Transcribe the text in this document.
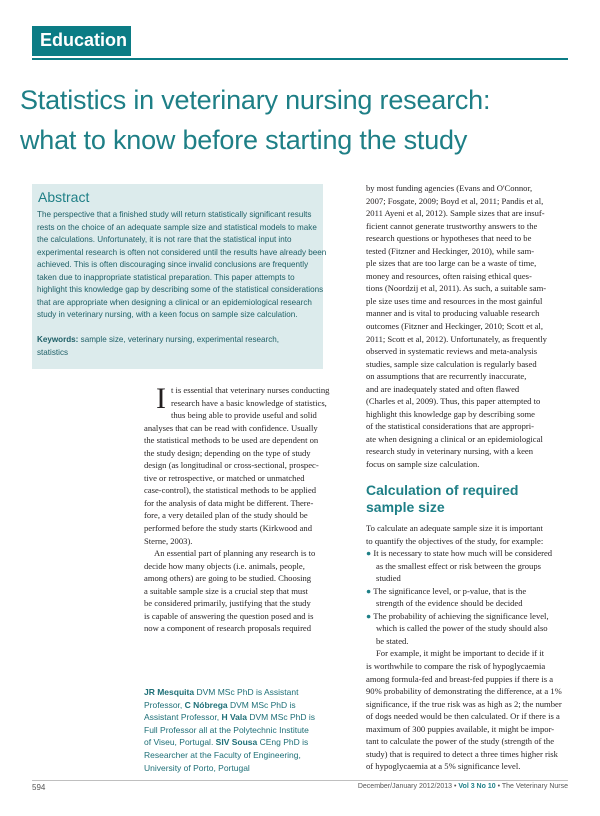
Education
Statistics in veterinary nursing research:
what to know before starting the study
Abstract
The perspective that a finished study will return statistically significant results
rests on the choice of an adequate sample size and statistical models to make
the calculations. Unfortunately, it is not rare that the statistical input into
experimental research is often not considered until the results have already been
achieved. This is often discouraging since invalid conclusions are frequently
taken due to inappropriate statistical preparation. This paper attempts to
highlight this knowledge gap by describing some of the statistical considerations
that are appropriate when designing a clinical or an epidemiological research
study in veterinary nursing, with a keen focus on sample size calculation.
Keywords: sample size, veterinary nursing, experimental research,
statistics
I t is essential that veterinary nurses conducting
research have a basic knowledge of statistics,
thus being able to provide useful and solid
analyses that can be read with confidence. Usually
the statistical methods to be used are dependent on
the study design; depending on the type of study
design (as longitudinal or cross-sectional, prospec-
tive or retrospective, or matched or unmatched
case-control), the statistical methods to be applied
for the analysis of data might be different. There-
fore, a very detailed plan of the study should be
performed before the study starts (Kirkwood and
Sterne, 2003).
An essential part of planning any research is to
decide how many objects (i.e. animals, people,
among others) are going to be studied. Choosing
a suitable sample size is a crucial step that must
be considered primarily, justifying that the study
is capable of answering the question posed and is
now a component of research proposals required
JR Mesquita DVM MSc PhD is Assistant
Professor, C Nóbrega DVM MSc PhD is
Assistant Professor, H Vala DVM MSc PhD is
Full Professor all at the Polytechnic Institute
of Viseu, Portugal. SIV Sousa CEng PhD is
Researcher at the Faculty of Engineering,
University of Porto, Portugal
by most funding agencies (Evans and O'Connor,
2007; Fosgate, 2009; Boyd et al, 2011; Pandis et al,
2011 Ayeni et al, 2012). Sample sizes that are insuf-
ficient cannot generate trustworthy answers to the
research questions or hypotheses that need to be
tested (Fitzner and Heckinger, 2010), while sam-
ple sizes that are too large can be a waste of time,
money and resources, often raising ethical ques-
tions (Noordzij et al, 2011). As such, a suitable sam-
ple size uses time and resources in the most gainful
manner and is vital to producing valuable research
outcomes (Fitzner and Heckinger, 2010; Scott et al,
2011; Scott et al, 2012). Unfortunately, as frequently
observed in systematic reviews and meta-analysis
studies, sample size calculation is regularly based
on assumptions that are recurrently inaccurate,
and are inadequately stated and often flawed
(Charles et al, 2009). Thus, this paper attempted to
highlight this knowledge gap by describing some
of the statistical considerations that are appropri-
ate when designing a clinical or an epidemiological
research study in veterinary nursing, with a keen
focus on sample size calculation.
Calculation of required
sample size
To calculate an adequate sample size it is important
to quantify the objectives of the study, for example:
● It is necessary to state how much will be considered
as the smallest effect or risk between the groups
studied
● The significance level, or p-value, that is the
strength of the evidence should be decided
● The probability of achieving the significance level,
which is called the power of the study should also
be stated.
For example, it might be important to decide if it
is worthwhile to compare the risk of hypoglycaemia
among formula-fed and breast-fed puppies if there is a
90% probability of demonstrating the difference, at a 1%
significance, if the true risk was as high as 2; the number
of dogs needed would be then calculated. Or if there is a
maximum of 300 puppies available, it might be impor-
tant to calculate the power of the study (strength of the
study) that is required to detect a three times higher risk
of hypoglycaemia at a 5% significance level.
594	December/January 2012/2013 • Vol 3 No 10 • The Veterinary Nurse
